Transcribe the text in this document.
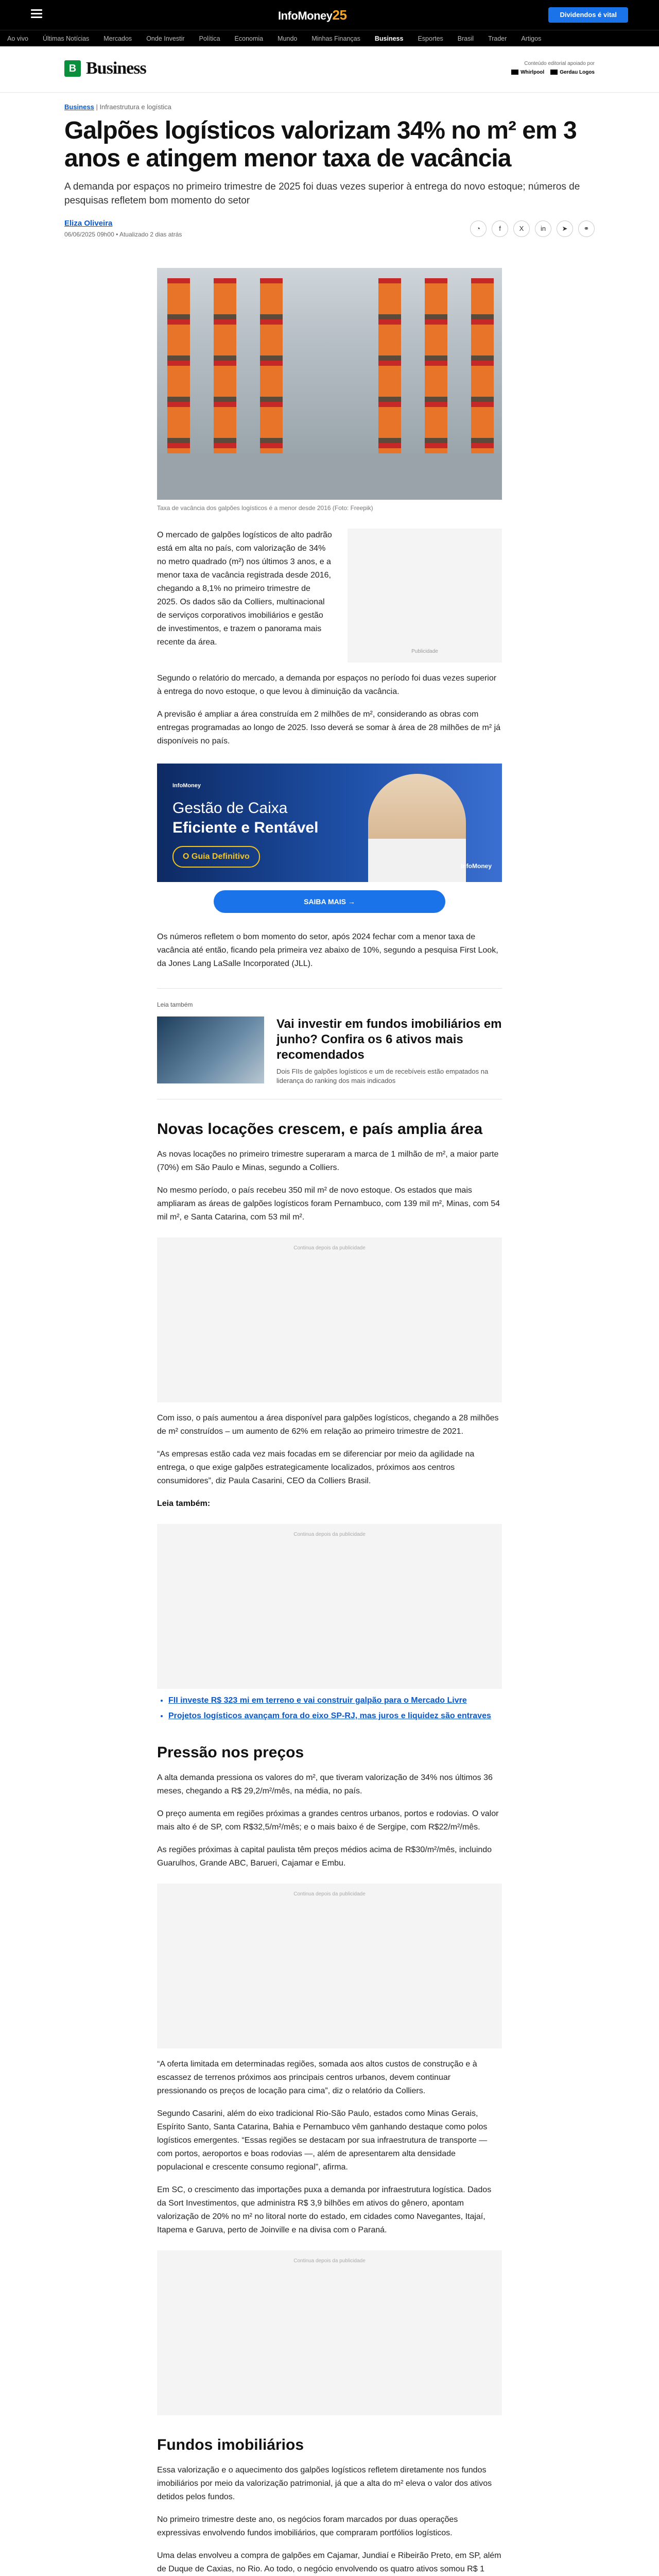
InfoMoney25	Dividendos é vital
Ao vivo Últimas Notícias Mercados Onde Investir Política Economia Mundo Minhas Finanças Business Esportes Brasil Trader Artigos
B Business	Conteúdo editorial apoiado por
Whirlpool	Gerdau Logos
Business | Infraestrutura e logística
Galpões logísticos valorizam 34% no m² em 3 anos e atingem menor taxa de vacância
A demanda por espaços no primeiro trimestre de 2025 foi duas vezes superior à entrega do novo estoque; números de pesquisas refletem bom momento do setor
Eliza Oliveira
06/06/2025 09h00 • Atualizado 2 dias atrás
◔	f	X	in	➤	⚭
Taxa de vacância dos galpões logísticos é a menor desde 2016 (Foto: Freepik)

O mercado de galpões logísticos de alto padrão está em alta no país, com valorização de 34% no metro quadrado (m²) nos últimos 3 anos, e a menor taxa de vacância registrada desde 2016, chegando a 8,1% no primeiro trimestre de 2025. Os dados são da Colliers, multinacional de serviços corporativos imobiliários e gestão de investimentos, e trazem o panorama mais recente da área.

Publicidade

Segundo o relatório do mercado, a demanda por espaços no período foi duas vezes superior à entrega do novo estoque, o que levou à diminuição da vacância.

A previsão é ampliar a área construída em 2 milhões de m², considerando as obras com entregas programadas ao longo de 2025. Isso deverá se somar à área de 28 milhões de m² já disponíveis no país.

InfoMoney
Gestão de Caixa
Eficiente e Rentável
O Guia Definitivo
InfoMoney
SAIBA MAIS →

Os números refletem o bom momento do setor, após 2024 fechar com a menor taxa de vacância até então, ficando pela primeira vez abaixo de 10%, segundo a pesquisa First Look, da Jones Lang LaSalle Incorporated (JLL).

Leia também
Vai investir em fundos imobiliários em junho? Confira os 6 ativos mais recomendados
Dois FIIs de galpões logísticos e um de recebíveis estão empatados na liderança do ranking dos mais indicados
Novas locações crescem, e país amplia área

As novas locações no primeiro trimestre superaram a marca de 1 milhão de m², a maior parte (70%) em São Paulo e Minas, segundo a Colliers.

No mesmo período, o país recebeu 350 mil m² de novo estoque. Os estados que mais ampliaram as áreas de galpões logísticos foram Pernambuco, com 139 mil m², Minas, com 54 mil m², e Santa Catarina, com 53 mil m².

Continua depois da publicidade

Com isso, o país aumentou a área disponível para galpões logísticos, chegando a 28 milhões de m² construídos – um aumento de 62% em relação ao primeiro trimestre de 2021.

“As empresas estão cada vez mais focadas em se diferenciar por meio da agilidade na entrega, o que exige galpões estrategicamente localizados, próximos aos centros consumidores”, diz Paula Casarini, CEO da Colliers Brasil.

Leia também:

Continua depois da publicidade
• FII investe R$ 323 mi em terreno e vai construir galpão para o Mercado Livre
• Projetos logísticos avançam fora do eixo SP-RJ, mas juros e liquidez são entraves
Pressão nos preços

A alta demanda pressiona os valores do m², que tiveram valorização de 34% nos últimos 36 meses, chegando a R$ 29,2/m²/mês, na média, no país.

O preço aumenta em regiões próximas a grandes centros urbanos, portos e rodovias. O valor mais alto é de SP, com R$32,5/m²/mês; e o mais baixo é de Sergipe, com R$22/m²/mês.

As regiões próximas à capital paulista têm preços médios acima de R$30/m²/mês, incluindo Guarulhos, Grande ABC, Barueri, Cajamar e Embu.

Continua depois da publicidade

“A oferta limitada em determinadas regiões, somada aos altos custos de construção e à escassez de terrenos próximos aos principais centros urbanos, devem continuar pressionando os preços de locação para cima”, diz o relatório da Colliers.

Segundo Casarini, além do eixo tradicional Rio-São Paulo, estados como Minas Gerais, Espírito Santo, Santa Catarina, Bahia e Pernambuco vêm ganhando destaque como polos logísticos emergentes. “Essas regiões se destacam por sua infraestrutura de transporte — com portos, aeroportos e boas rodovias —, além de apresentarem alta densidade populacional e crescente consumo regional”, afirma.

Em SC, o crescimento das importações puxa a demanda por infraestrutura logística. Dados da Sort Investimentos, que administra R$ 3,9 bilhões em ativos do gênero, apontam valorização de 20% no m² no litoral norte do estado, em cidades como Navegantes, Itajaí, Itapema e Garuva, perto de Joinville e na divisa com o Paraná.

Continua depois da publicidade
Fundos imobiliários

Essa valorização e o aquecimento dos galpões logísticos refletem diretamente nos fundos imobiliários por meio da valorização patrimonial, já que a alta do m² eleva o valor dos ativos detidos pelos fundos.

No primeiro trimestre deste ano, os negócios foram marcados por duas operações expressivas envolvendo fundos imobiliários, que compraram portfólios logísticos.

Uma delas envolveu a compra de galpões em Cajamar, Jundiaí e Ribeirão Preto, em SP, além de Duque de Caxias, no Rio. Ao todo, o negócio envolvendo os quatro ativos somou R$ 1
